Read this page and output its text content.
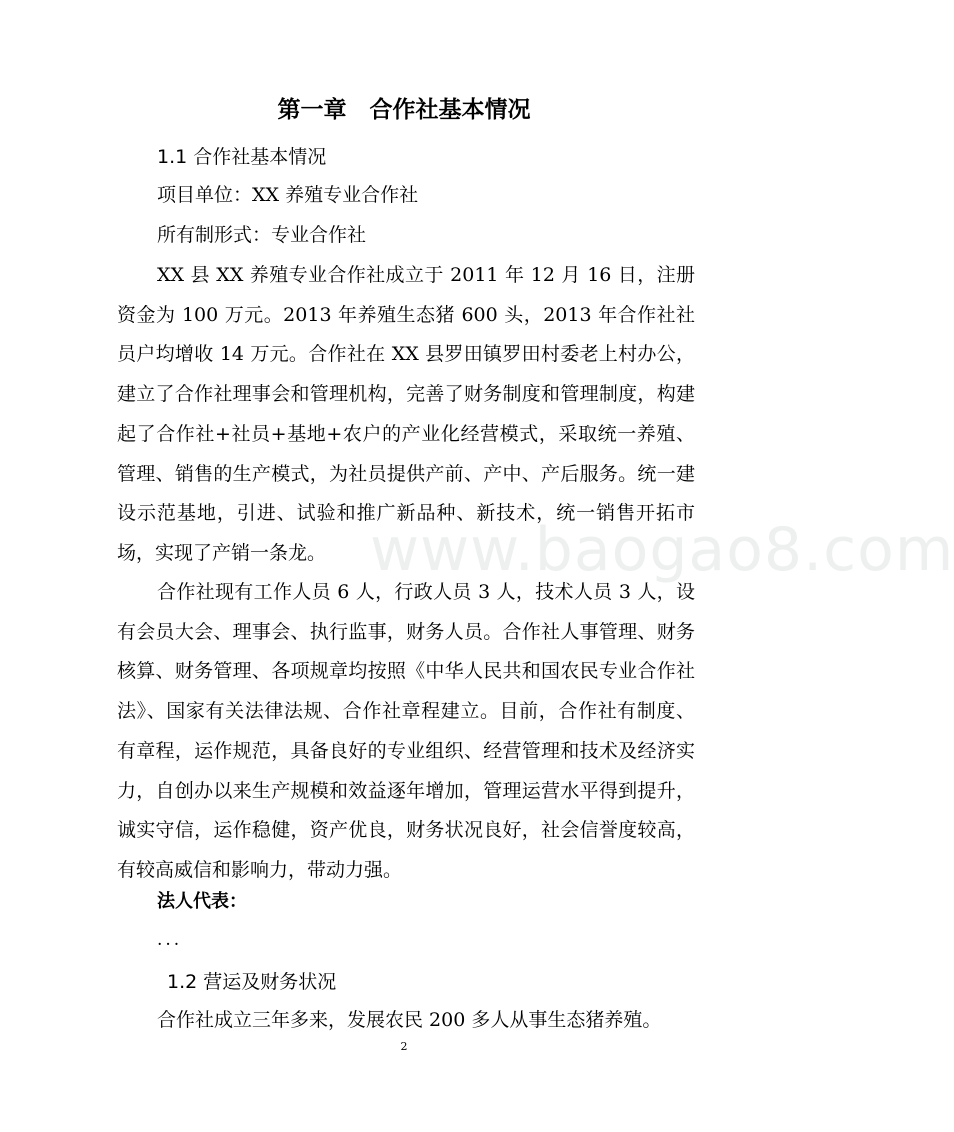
www.baogao8.com
第一章　合作社基本情况
1.1 合作社基本情况
项目单位：XX 养殖专业合作社
所有制形式：专业合作社

XX 县 XX 养殖专业合作社成立于 2011 年 12 月 16 日，注册资金为 100 万元。2013 年养殖生态猪 600 头，2013 年合作社社员户均增收 14 万元。合作社在 XX 县罗田镇罗田村委老上村办公，建立了合作社理事会和管理机构，完善了财务制度和管理制度，构建起了合作社+社员+基地+农户的产业化经营模式，采取统一养殖、管理、销售的生产模式，为社员提供产前、产中、产后服务。统一建设示范基地，引进、试验和推广新品种、新技术，统一销售开拓市场，实现了产销一条龙。

合作社现有工作人员 6 人，行政人员 3 人，技术人员 3 人，设有会员大会、理事会、执行监事，财务人员。合作社人事管理、财务核算、财务管理、各项规章均按照《中华人民共和国农民专业合作社法》、国家有关法律法规、合作社章程建立。目前，合作社有制度、有章程，运作规范，具备良好的专业组织、经营管理和技术及经济实力，自创办以来生产规模和效益逐年增加，管理运营水平得到提升，诚实守信，运作稳健，资产优良，财务状况良好，社会信誉度较高，有较高威信和影响力，带动力强。

法人代表：
...
1.2 营运及财务状况
合作社成立三年多来，发展农民 200 多人从事生态猪养殖。
2
